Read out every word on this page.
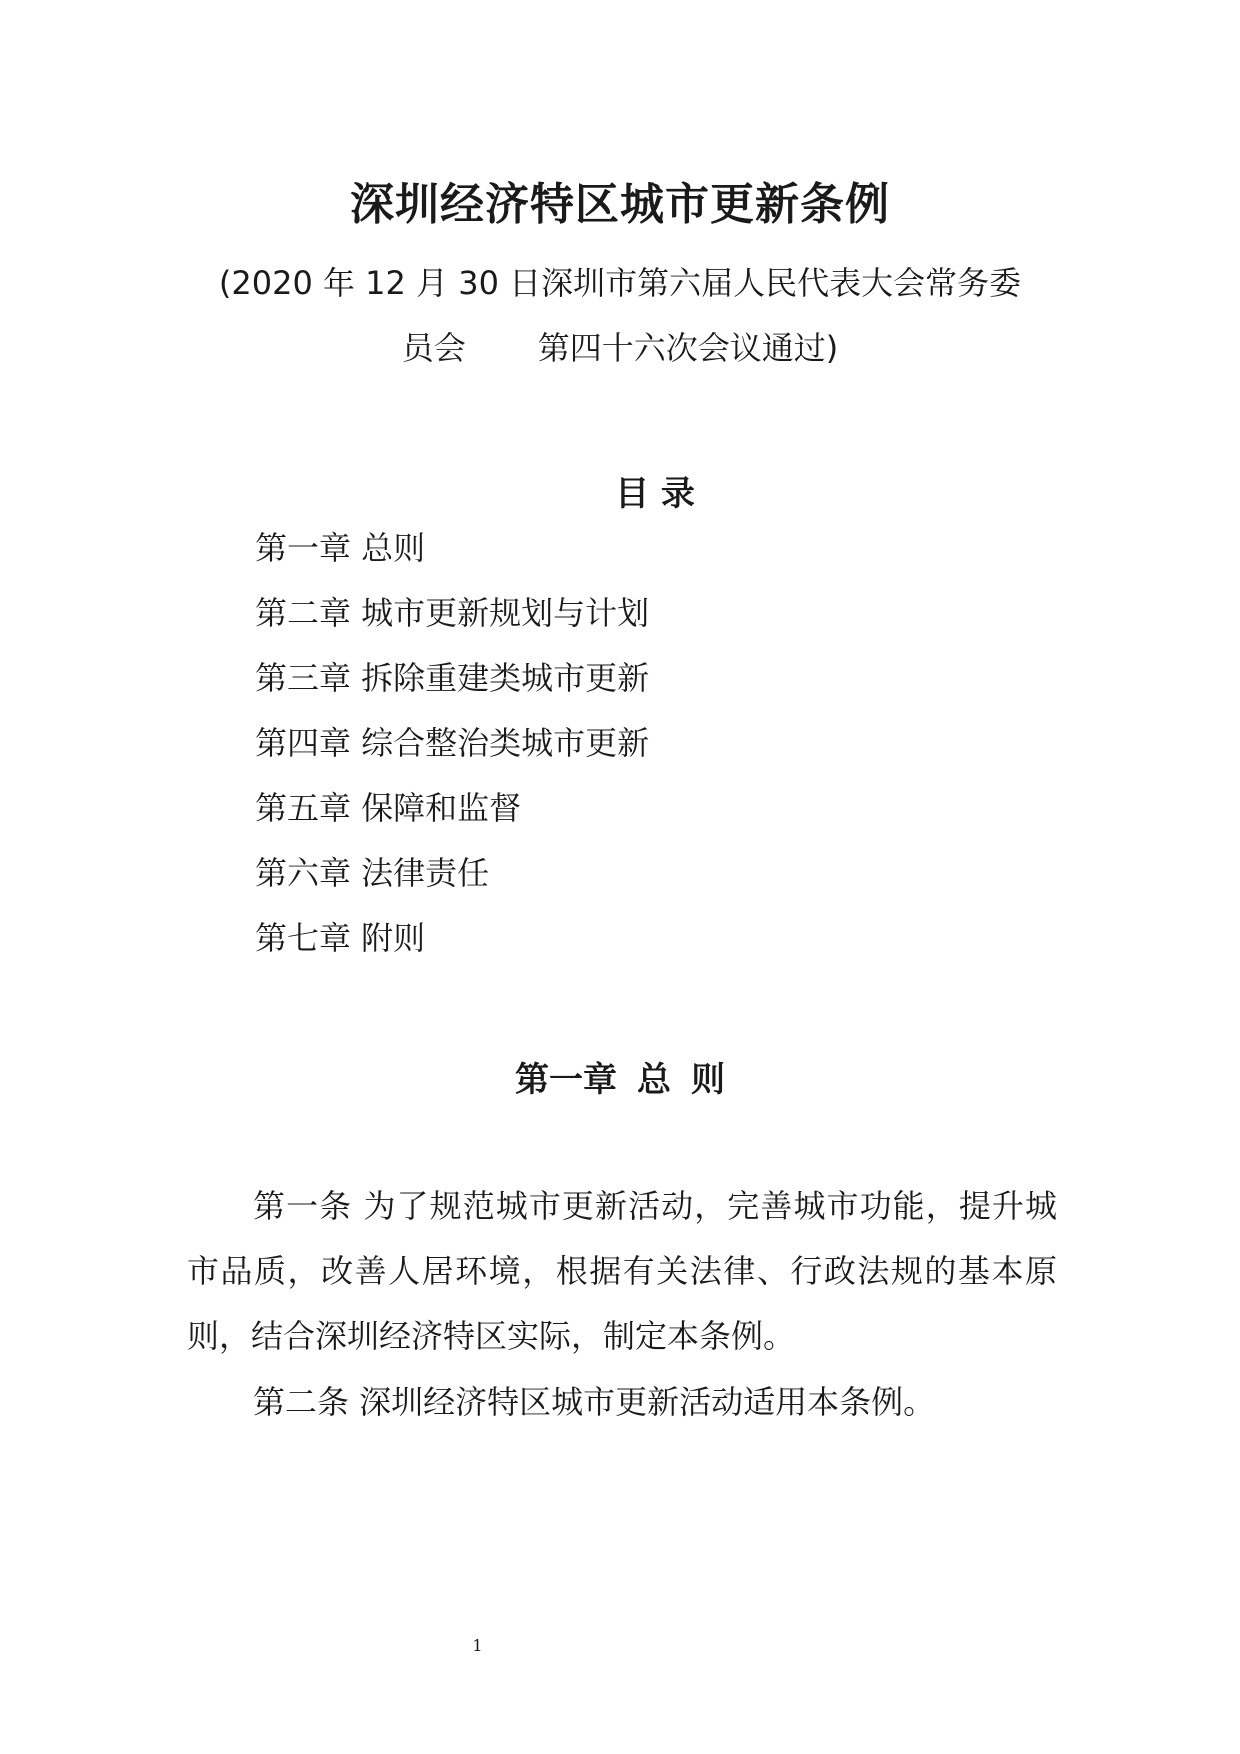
深圳经济特区城市更新条例

(2020 年 12 月 30 日深圳市第六届人民代表大会常务委

员会 第四十六次会议通过)

目 录
第一章 总则
第二章 城市更新规划与计划
第三章 拆除重建类城市更新
第四章 综合整治类城市更新
第五章 保障和监督
第六章 法律责任
第七章 附则
第一章 总 则

第一条 为了规范城市更新活动，完善城市功能，提升城市品质，改善人居环境，根据有关法律、行政法规的基本原则，结合深圳经济特区实际，制定本条例。

第二条 深圳经济特区城市更新活动适用本条例。

1
